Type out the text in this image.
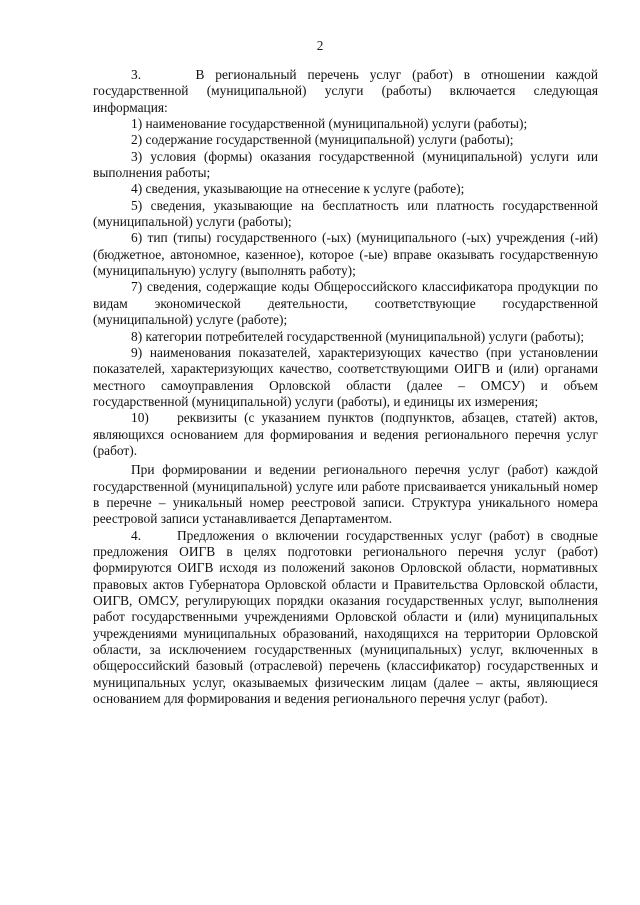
2

3.     В региональный перечень услуг (работ) в отношении каждой государственной (муниципальной) услуги (работы) включается следующая информация:

1) наименование государственной (муниципальной) услуги (работы);

2) содержание государственной (муниципальной) услуги (работы);

3) условия (формы) оказания государственной (муниципальной) услуги или выполнения работы;

4) сведения, указывающие на отнесение к услуге (работе);

5) сведения, указывающие на бесплатность или платность государственной (муниципальной) услуги (работы);

6) тип (типы) государственного (-ых) (муниципального (-ых) учреждения (-ий) (бюджетное, автономное, казенное), которое (-ые) вправе оказывать государственную (муниципальную) услугу (выполнять работу);

7) сведения, содержащие коды Общероссийского классификатора продукции по видам экономической деятельности, соответствующие государственной (муниципальной) услуге (работе);

8) категории потребителей государственной (муниципальной) услуги (работы);

9) наименования показателей, характеризующих качество (при установлении показателей, характеризующих качество, соответствующими ОИГВ и (или) органами местного самоуправления Орловской области (далее – ОМСУ) и объем государственной (муниципальной) услуги (работы), и единицы их измерения;

10)    реквизиты (с указанием пунктов (подпунктов, абзацев, статей) актов, являющихся основанием для формирования и ведения регионального перечня услуг (работ).

При формировании и ведении регионального перечня услуг (работ) каждой государственной (муниципальной) услуге или работе присваивается уникальный номер в перечне – уникальный номер реестровой записи. Структура уникального номера реестровой записи устанавливается Департаментом.

4.     Предложения о включении государственных услуг (работ) в сводные предложения ОИГВ в целях подготовки регионального перечня услуг (работ) формируются ОИГВ исходя из положений законов Орловской области, нормативных правовых актов Губернатора Орловской области и Правительства Орловской области, ОИГВ, ОМСУ, регулирующих порядки оказания государственных услуг, выполнения работ государственными учреждениями Орловской области и (или) муниципальных учреждениями муниципальных образований, находящихся на территории Орловской области, за исключением государственных (муниципальных) услуг, включенных в общероссийский базовый (отраслевой) перечень (классификатор) государственных и муниципальных услуг, оказываемых физическим лицам (далее – акты, являющиеся основанием для формирования и ведения регионального перечня услуг (работ).
